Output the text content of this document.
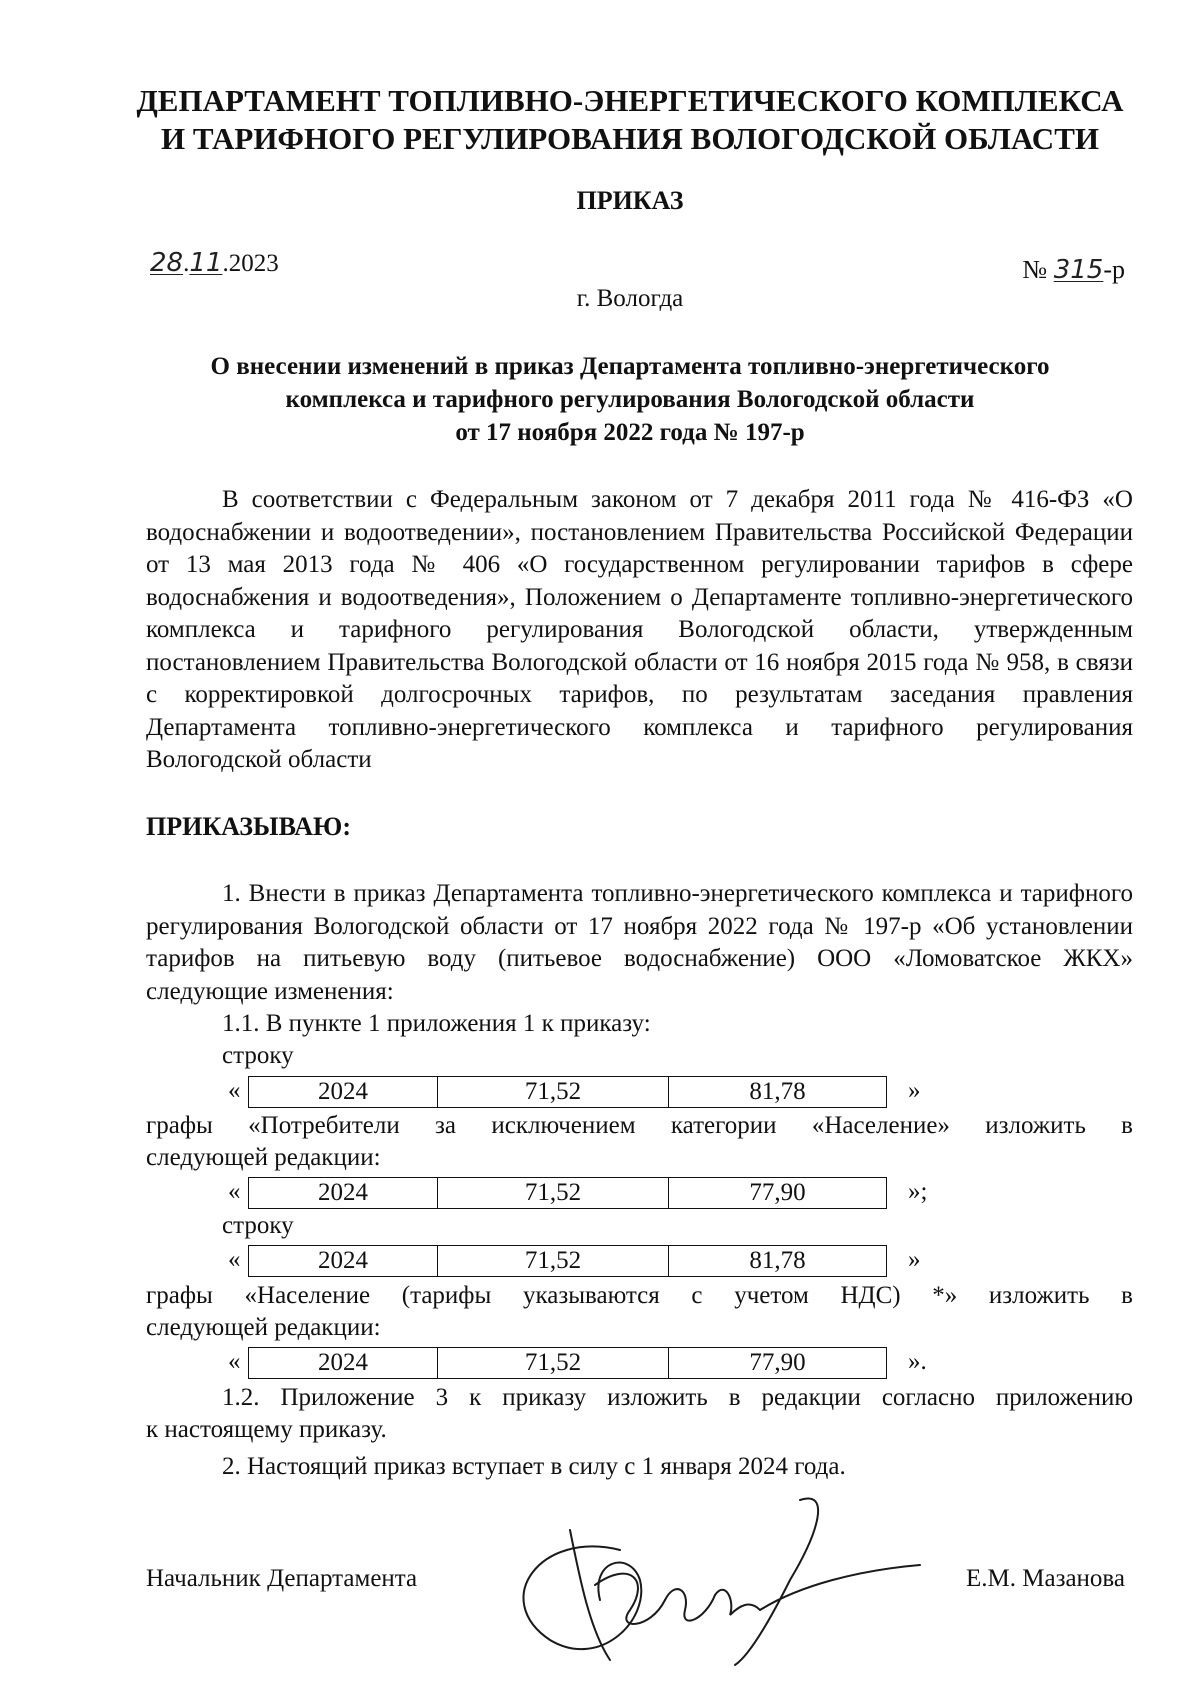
ДЕПАРТАМЕНТ ТОПЛИВНО-ЭНЕРГЕТИЧЕСКОГО КОМПЛЕКСА
И ТАРИФНОГО РЕГУЛИРОВАНИЯ ВОЛОГОДСКОЙ ОБЛАСТИ
ПРИКАЗ
28.11.2023	№ 315-р
г. Вологда
О внесении изменений в приказ Департамента топливно-энергетического
комплекса и тарифного регулирования Вологодской области
от 17 ноября 2022 года № 197-р
В соответствии с Федеральным законом от 7 декабря 2011 года № 416-ФЗ «О водоснабжении и водоотведении», постановлением Правительства Российской Федерации от 13 мая 2013 года № 406 «О государственном регулировании тарифов в сфере водоснабжения и водоотведения», Положением о Департаменте топливно-энергетического комплекса и тарифного регулирования Вологодской области, утвержденным постановлением Правительства Вологодской области от 16 ноября 2015 года № 958, в связи с корректировкой долгосрочных тарифов, по результатам заседания правления Департамента топливно-энергетического комплекса и тарифного регулирования Вологодской области
ПРИКАЗЫВАЮ:
1. Внести в приказ Департамента топливно-энергетического комплекса и тарифного регулирования Вологодской области от 17 ноября 2022 года № 197-р «Об установлении тарифов на питьевую воду (питьевое водоснабжение) ООО «Ломоватское ЖКХ» следующие изменения:
1.1. В пункте 1 приложения 1 к приказу:
строку
«	2024	71,52	81,78	»
графы «Потребители за исключением категории «Население» изложить в
следующей редакции:
«	2024	71,52	77,90	»;
строку
«	2024	71,52	81,78	»
графы «Население (тарифы указываются с учетом НДС) *» изложить в
следующей редакции:
«	2024	71,52	77,90	».
1.2. Приложение 3 к приказу изложить в редакции согласно приложению
к настоящему приказу.
2. Настоящий приказ вступает в силу с 1 января 2024 года.
Начальник Департамента	Е.М. Мазанова
